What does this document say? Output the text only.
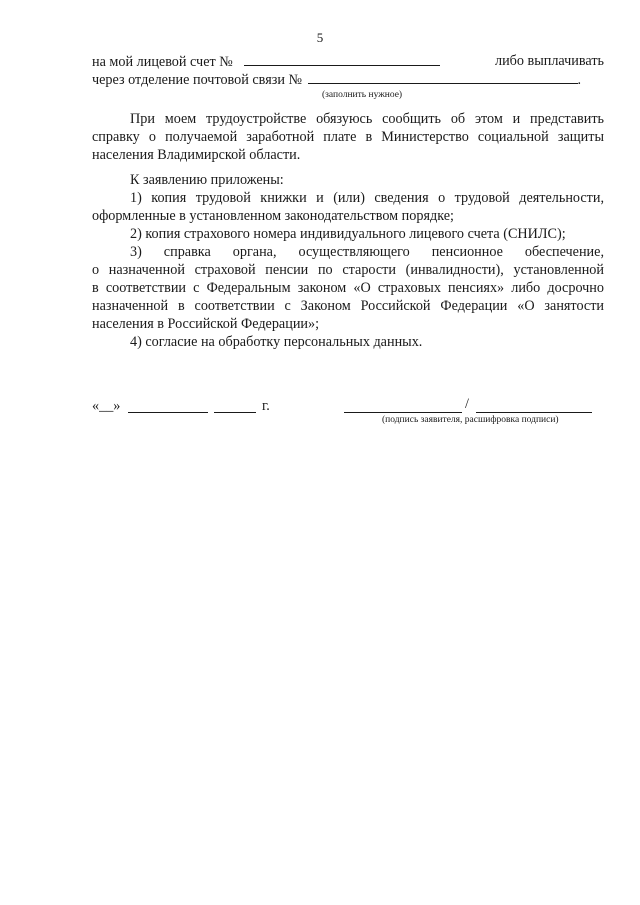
5
на мой лицевой счет №	либо выплачивать
через отделение почтовой связи №	.
(заполнить нужное)
При моем трудоустройстве обязуюсь сообщить об этом и представить
справку о получаемой заработной плате в Министерство социальной защиты
населения Владимирской области.
К заявлению приложены:
1) копия трудовой книжки и (или) сведения о трудовой деятельности,
оформленные в установленном законодательством порядке;
2) копия страхового номера индивидуального лицевого счета (СНИЛС);
3) справка органа, осуществляющего пенсионное обеспечение,
о назначенной страховой пенсии по старости (инвалидности), установленной
в соответствии с Федеральным законом «О страховых пенсиях» либо досрочно
назначенной в соответствии с Законом Российской Федерации «О занятости
населения в Российской Федерации»;
4) согласие на обработку персональных данных.
«__»	г.	/
(подпись заявителя, расшифровка подписи)
